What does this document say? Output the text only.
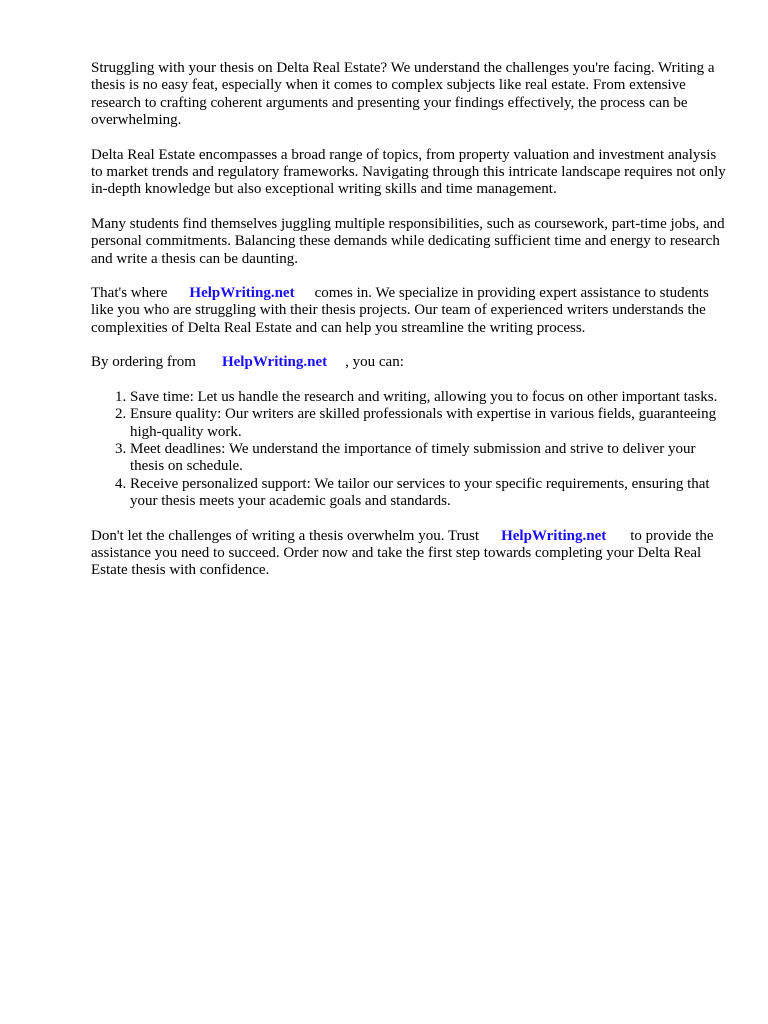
Struggling with your thesis on Delta Real Estate? We understand the challenges you're facing. Writing a thesis is no easy feat, especially when it comes to complex subjects like real estate. From extensive research to crafting coherent arguments and presenting your findings effectively, the process can be overwhelming.

Delta Real Estate encompasses a broad range of topics, from property valuation and investment analysis to market trends and regulatory frameworks. Navigating through this intricate landscape requires not only in-depth knowledge but also exceptional writing skills and time management.

Many students find themselves juggling multiple responsibilities, such as coursework, part-time jobs, and personal commitments. Balancing these demands while dedicating sufficient time and energy to research and write a thesis can be daunting.

That's where HelpWriting.net comes in. We specialize in providing expert assistance to students like you who are struggling with their thesis projects. Our team of experienced writers understands the complexities of Delta Real Estate and can help you streamline the writing process.

By ordering from HelpWriting.net , you can:

1. Save time: Let us handle the research and writing, allowing you to focus on other important tasks.
2. Ensure quality: Our writers are skilled professionals with expertise in various fields, guaranteeing high-quality work.
3. Meet deadlines: We understand the importance of timely submission and strive to deliver your thesis on schedule.
4. Receive personalized support: We tailor our services to your specific requirements, ensuring that your thesis meets your academic goals and standards.

Don't let the challenges of writing a thesis overwhelm you. Trust HelpWriting.net to provide the assistance you need to succeed. Order now and take the first step towards completing your Delta Real Estate thesis with confidence.
